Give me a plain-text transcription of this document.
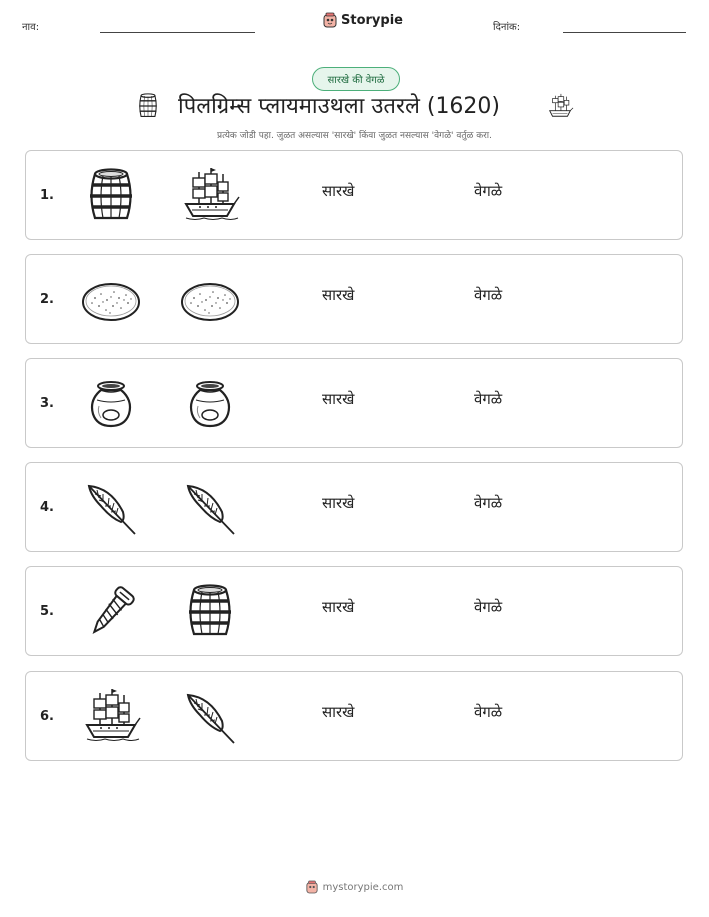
नाव:	Storypie	दिनांक:
सारखे की वेगळे
पिलग्रिम्स प्लायमाउथला उतरले (1620)
प्रत्येक जोडी पहा. जुळत असल्यास 'सारखे' किंवा जुळत नसल्यास 'वेगळे' वर्तुळ करा.
1.	सारखे	वेगळे
2.	सारखे	वेगळे
3.	सारखे	वेगळे
4.	सारखे	वेगळे
5.	सारखे	वेगळे
6.	सारखे	वेगळे
mystorypie.com
